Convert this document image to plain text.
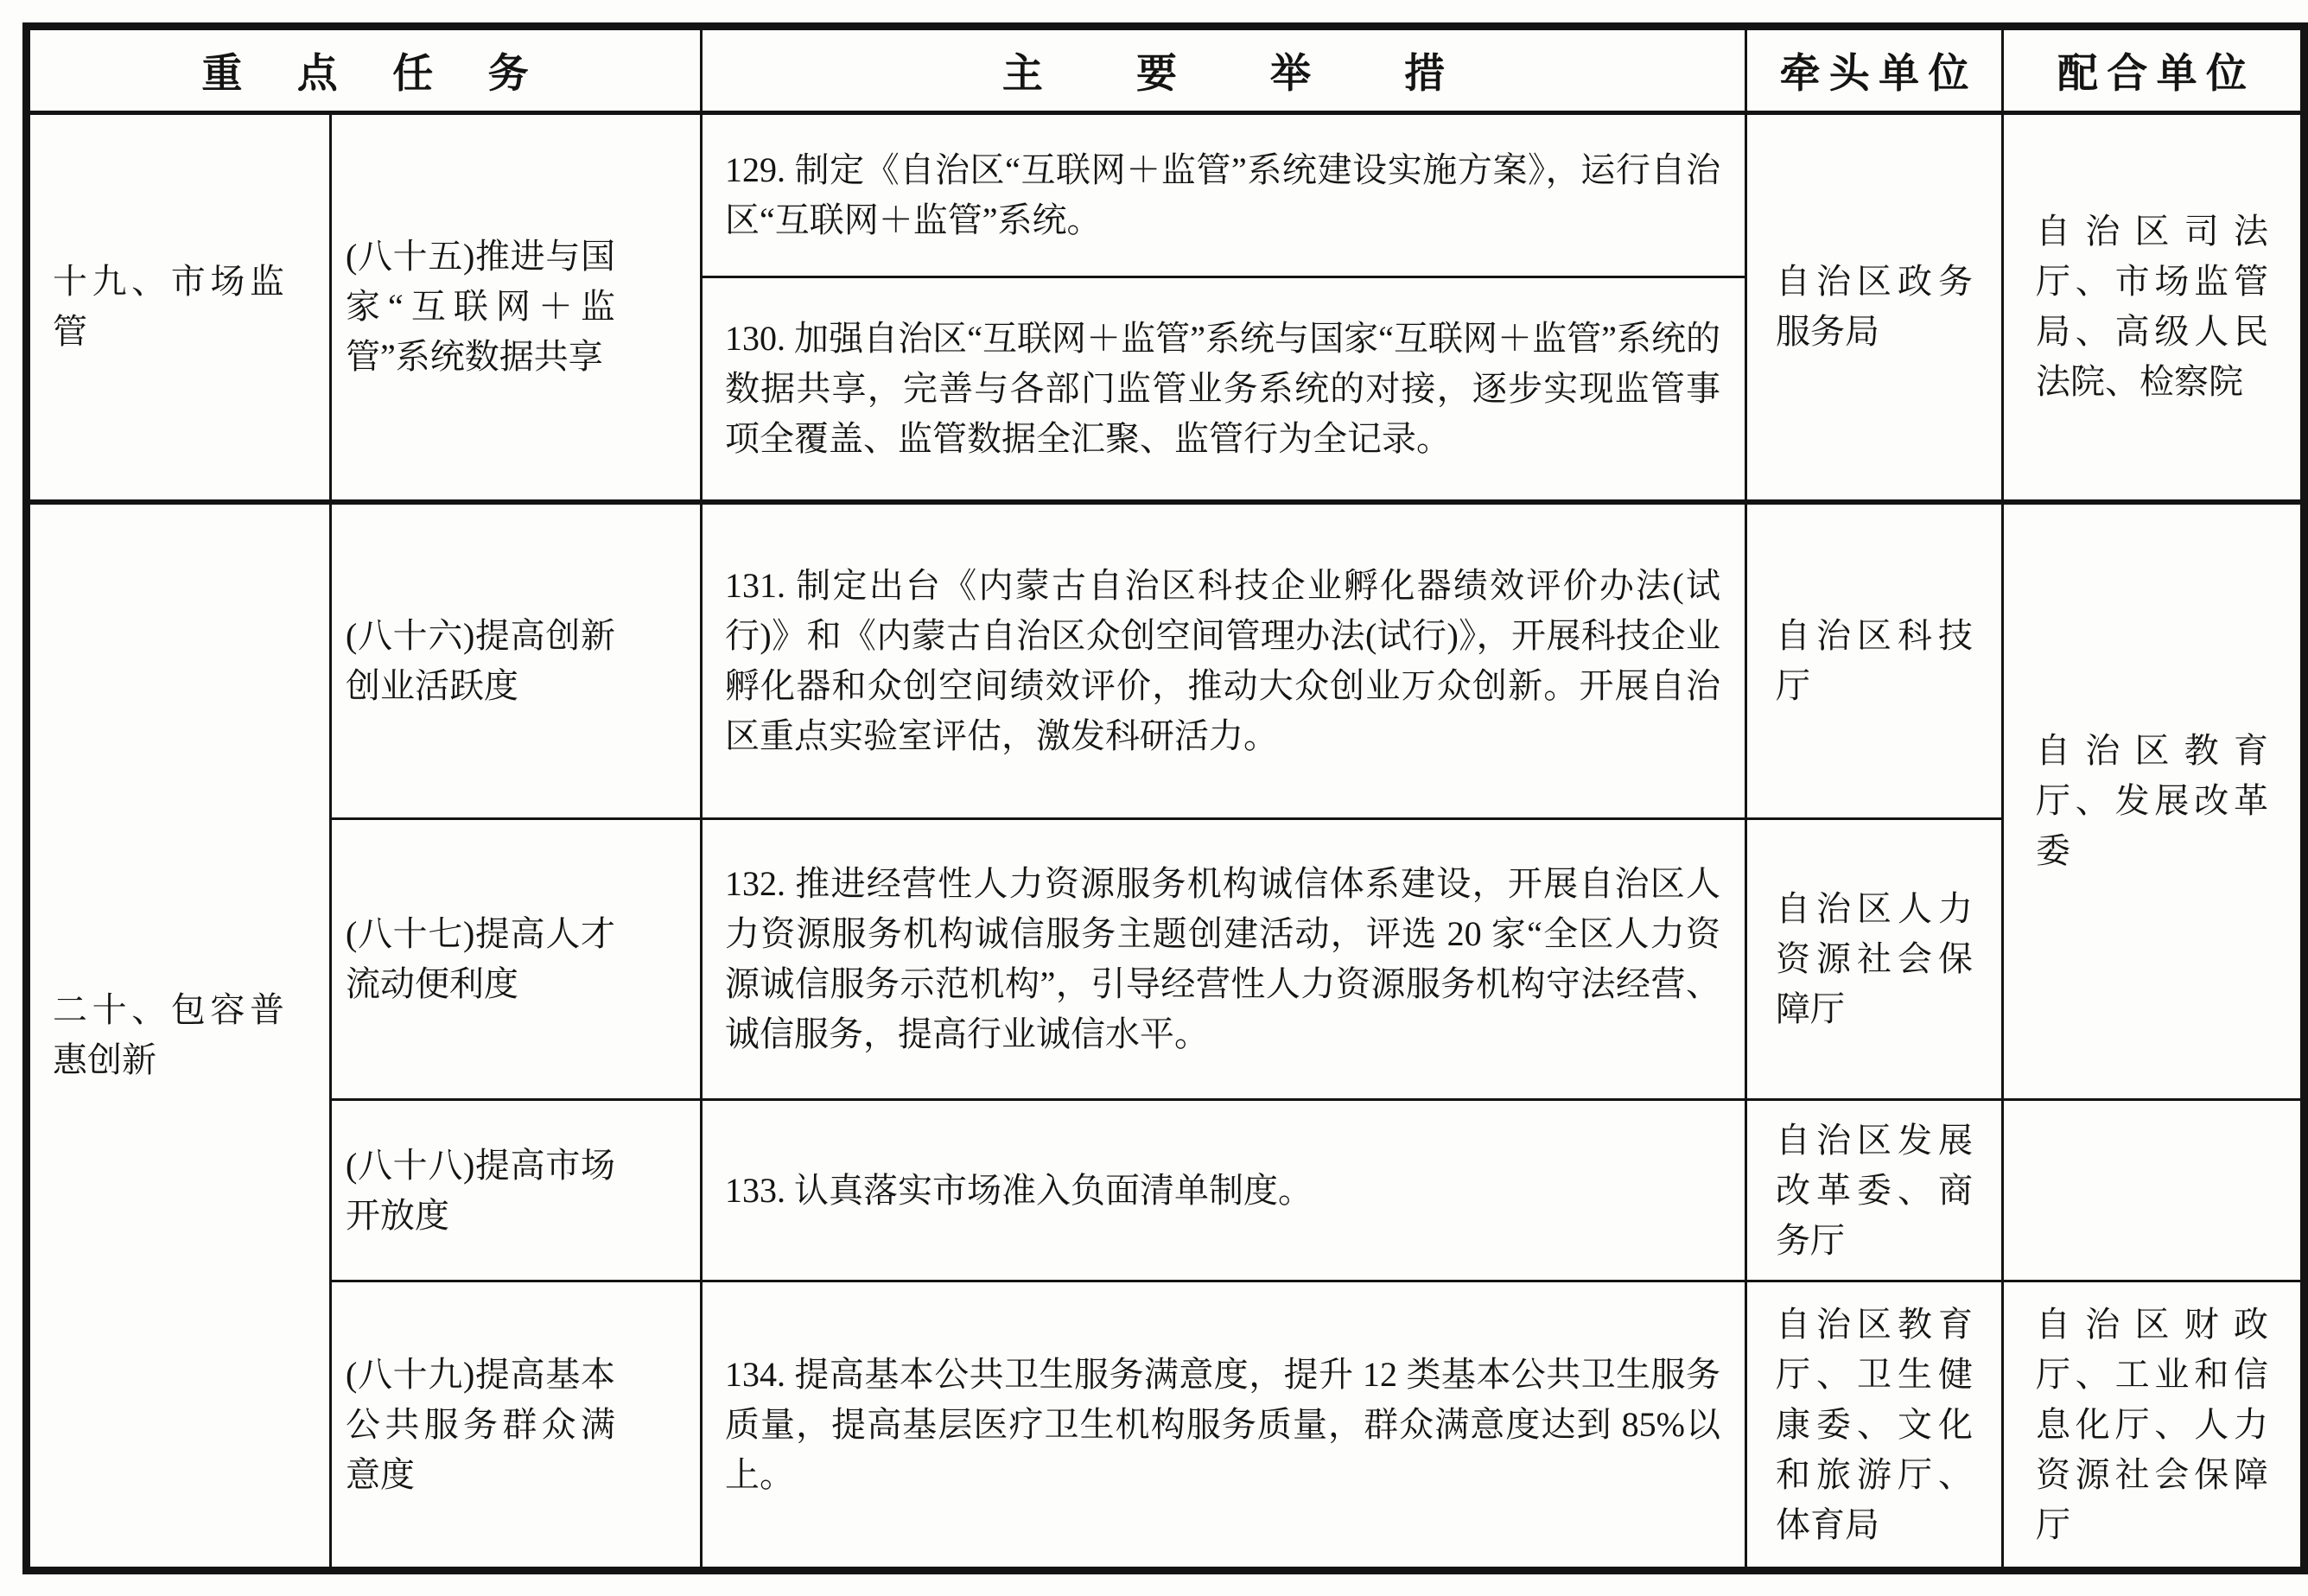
重点任务		主要举措	牵头单位	配合单位
十九、市场监管	(八十五)推进与国家“互联网＋监管”系统数据共享	129. 制定《自治区“互联网＋监管”系统建设实施方案》，运行自治区“互联网＋监管”系统。	自治区政务服务局	自治区司法厅、市场监管局、高级人民法院、检察院
		130. 加强自治区“互联网＋监管”系统与国家“互联网＋监管”系统的数据共享，完善与各部门监管业务系统的对接，逐步实现监管事项全覆盖、监管数据全汇聚、监管行为全记录。		
二十、包容普惠创新	(八十六)提高创新创业活跃度	131. 制定出台《内蒙古自治区科技企业孵化器绩效评价办法(试行)》和《内蒙古自治区众创空间管理办法(试行)》，开展科技企业孵化器和众创空间绩效评价，推动大众创业万众创新。开展自治区重点实验室评估，激发科研活力。	自治区科技厅	自治区教育厅、发展改革委
	(八十七)提高人才流动便利度	132. 推进经营性人力资源服务机构诚信体系建设，开展自治区人力资源服务机构诚信服务主题创建活动，评选 20 家“全区人力资源诚信服务示范机构”，引导经营性人力资源服务机构守法经营、诚信服务，提高行业诚信水平。	自治区人力资源社会保障厅	
	(八十八)提高市场开放度	133. 认真落实市场准入负面清单制度。	自治区发展改革委、商务厅	
	(八十九)提高基本公共服务群众满意度	134. 提高基本公共卫生服务满意度，提升 12 类基本公共卫生服务质量，提高基层医疗卫生机构服务质量，群众满意度达到 85%以上。	自治区教育厅、卫生健康委、文化和旅游厅、体育局	自治区财政厅、工业和信息化厅、人力资源社会保障厅
